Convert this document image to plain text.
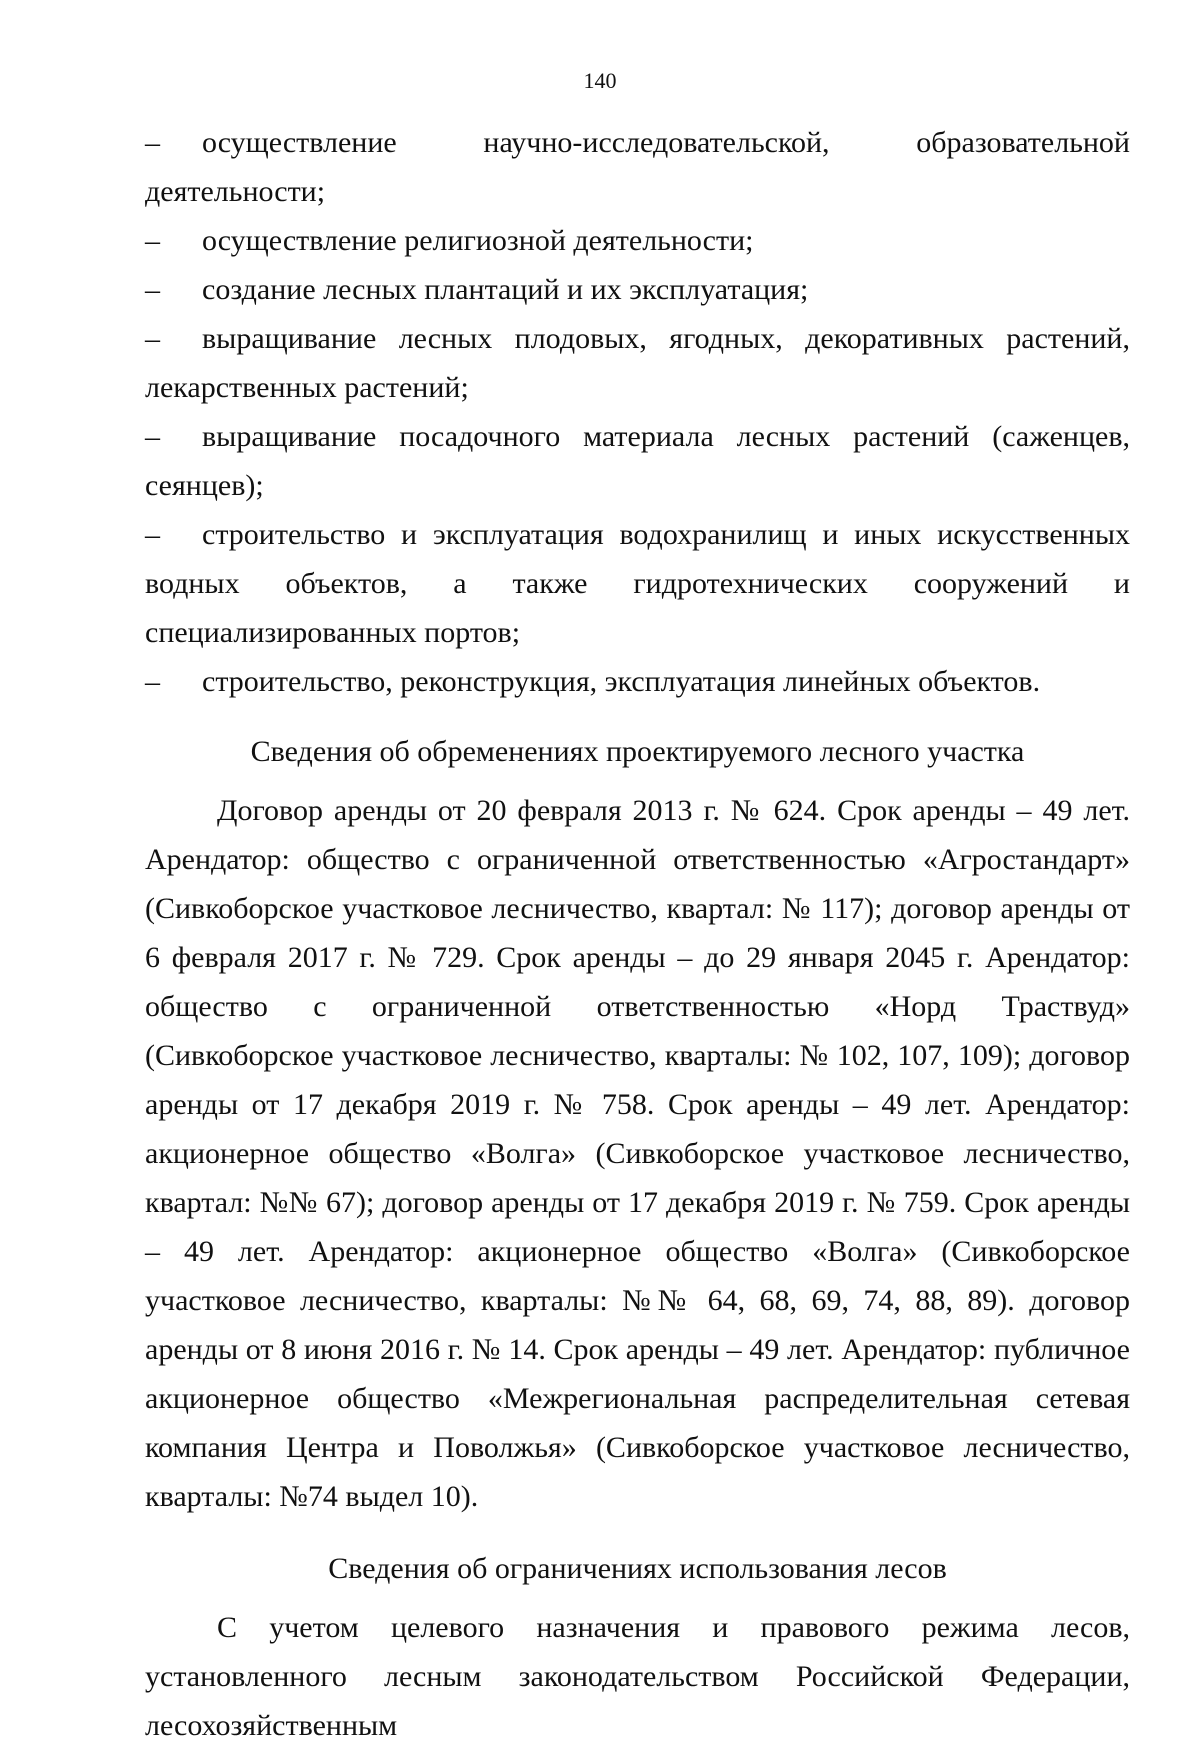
140

–	осуществление научно-исследовательской, образовательной деятельности;

–	осуществление религиозной деятельности;

–	создание лесных плантаций и их эксплуатация;

–	выращивание лесных плодовых, ягодных, декоративных растений, лекарственных растений;

–	выращивание посадочного материала лесных растений (саженцев, сеянцев);

–	строительство и эксплуатация водохранилищ и иных искусственных водных объектов, а также гидротехнических сооружений и специализированных портов;

–	строительство, реконструкция, эксплуатация линейных объектов.

Сведения об обременениях проектируемого лесного участка

Договор аренды от 20 февраля 2013 г. № 624. Срок аренды – 49 лет. Арендатор: общество с ограниченной ответственностью «Агростандарт» (Сивкоборское участковое лесничество, квартал: № 117); договор аренды от 6 февраля 2017 г. № 729. Срок аренды – до 29 января 2045 г. Арендатор: общество с ограниченной ответственностью «Норд Траствуд» (Сивкоборское участковое лесничество, кварталы: № 102, 107, 109); договор аренды от 17 декабря 2019 г. № 758. Срок аренды – 49 лет. Арендатор: акционерное общество «Волга» (Сивкоборское участковое лесничество, квартал: №№ 67); договор аренды от 17 декабря 2019 г. № 759. Срок аренды – 49 лет. Арендатор: акционерное общество «Волга» (Сивкоборское участковое лесничество, кварталы: №№ 64, 68, 69, 74, 88, 89). договор аренды от 8 июня 2016 г. № 14. Срок аренды – 49 лет. Арендатор: публичное акционерное общество «Межрегиональная распределительная сетевая компания Центра и Поволжья» (Сивкоборское участковое лесничество, кварталы: №74 выдел 10).

Сведения об ограничениях использования лесов

С учетом целевого назначения и правового режима лесов, установленного лесным законодательством Российской Федерации, лесохозяйственным
